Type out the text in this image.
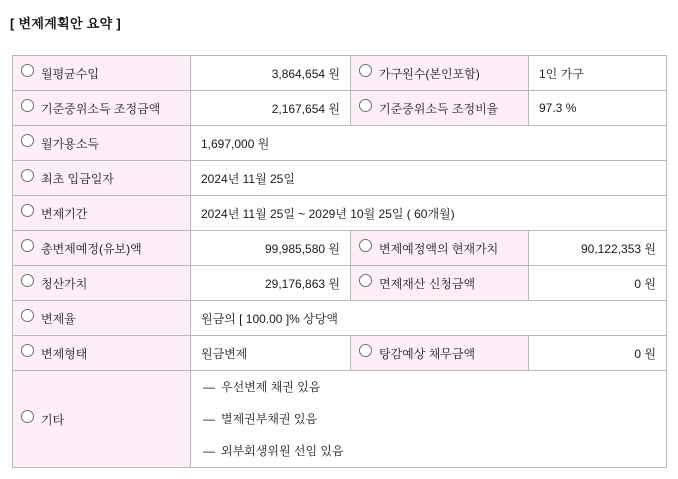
[ 변제계획안 요약 ]
월평균수입	3,864,654 원	가구원수(본인포함)	1인 가구
기준중위소득 조정금액	2,167,654 원	기준중위소득 조정비율	97.3 %
월가용소득	1,697,000 원		
최초 입금일자	2024년 11월 25일		
변제기간	2024년 11월 25일 ~ 2029년 10월 25일 ( 60개월)		
총변제예정(유보)액	99,985,580 원	변제예정액의 현재가치	90,122,353 원
청산가치	29,176,863 원	면제재산 신청금액	0 원
변제율	원금의 [ 100.00 ]% 상당액		
변제형태	원금변제	탕감예상 채무금액	0 원
기타	
— 우선변제 채권 있음
— 별제권부채권 있음
— 외부회생위원 선임 있음
